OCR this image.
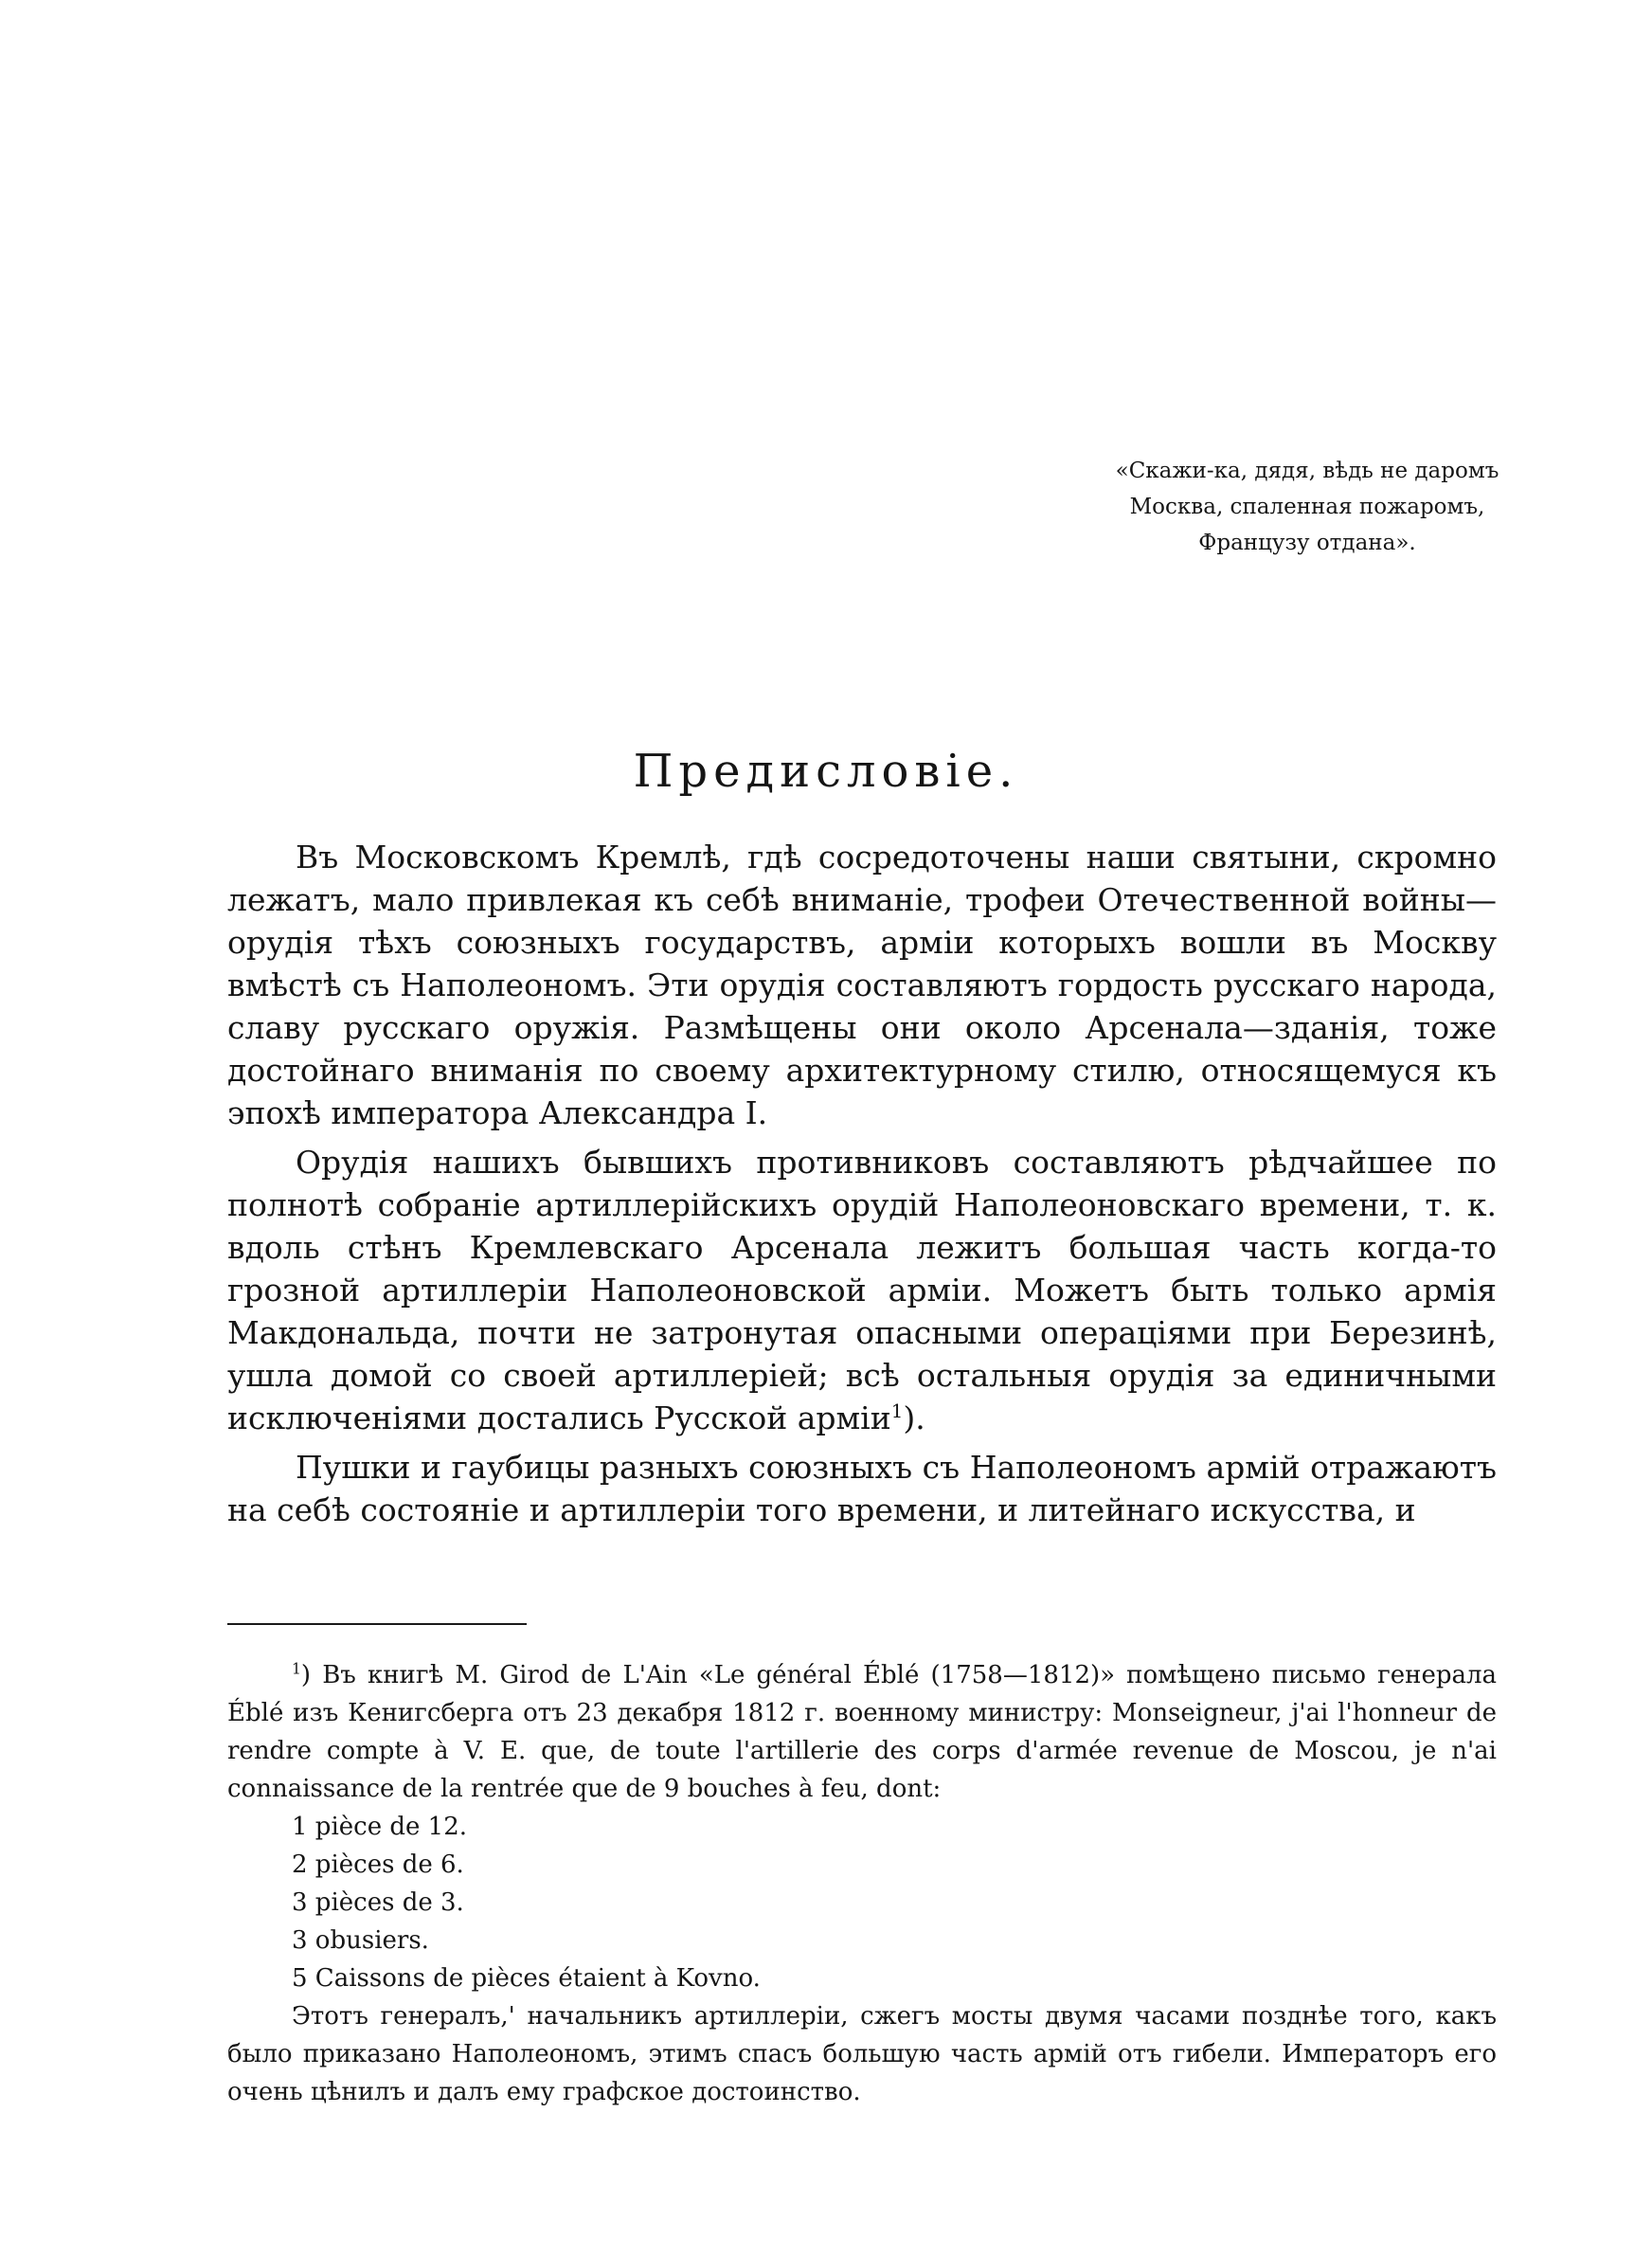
«Скажи-ка, дядя, вѣдь не даромъ
Москва, спаленная пожаромъ,
Французу отдана».
Предисловіе.

Въ Московскомъ Кремлѣ, гдѣ сосредоточены наши святыни, скромно лежатъ, мало привлекая къ себѣ вниманіе, трофеи Отечественной войны— орудія тѣхъ союзныхъ государствъ, арміи которыхъ вошли въ Москву вмѣстѣ съ Наполеономъ. Эти орудія составляютъ гордость русскаго народа, славу русскаго оружія. Размѣщены они около Арсенала—зданія, тоже достойнаго вниманія по своему архитектурному стилю, относящемуся къ эпохѣ императора Александра I.

Орудія нашихъ бывшихъ противниковъ составляютъ рѣдчайшее по полнотѣ собраніе артиллерійскихъ орудій Наполеоновскаго времени, т. к. вдоль стѣнъ Кремлевскаго Арсенала лежитъ большая часть когда-то грозной артиллеріи Наполеоновской арміи. Можетъ быть только армія Макдональда, почти не затронутая опасными операціями при Березинѣ, ушла домой со своей артиллеріей; всѣ остальныя орудія за единичными исключеніями достались Русской арміи$^1$).

Пушки и гаубицы разныхъ союзныхъ съ Наполеономъ армій отражаютъ на себѣ состояніе и артиллеріи того времени, и литейнаго искусства, и

$^1$) Въ книгѣ M. Girod de L'Ain «Le général Éblé (1758—1812)» помѣщено письмо генерала Éblé изъ Кенигсберга отъ 23 декабря 1812 г. военному министру: Monseigneur, j'ai l'honneur de rendre compte à V. E. que, de toute l'artillerie des corps d'armée revenue de Moscou, je n'ai connaissance de la rentrée que de 9 bouches à feu, dont:

1 pièce de 12.
2 pièces de 6.
3 pièces de 3.
3 obusiers.
5 Caissons de pièces étaient à Kovno.

Этотъ генералъ,' начальникъ артиллеріи, сжегъ мосты двумя часами позднѣе того, какъ было приказано Наполеономъ, этимъ спасъ большую часть армій отъ гибели. Императоръ его очень цѣнилъ и далъ ему графское достоинство.
